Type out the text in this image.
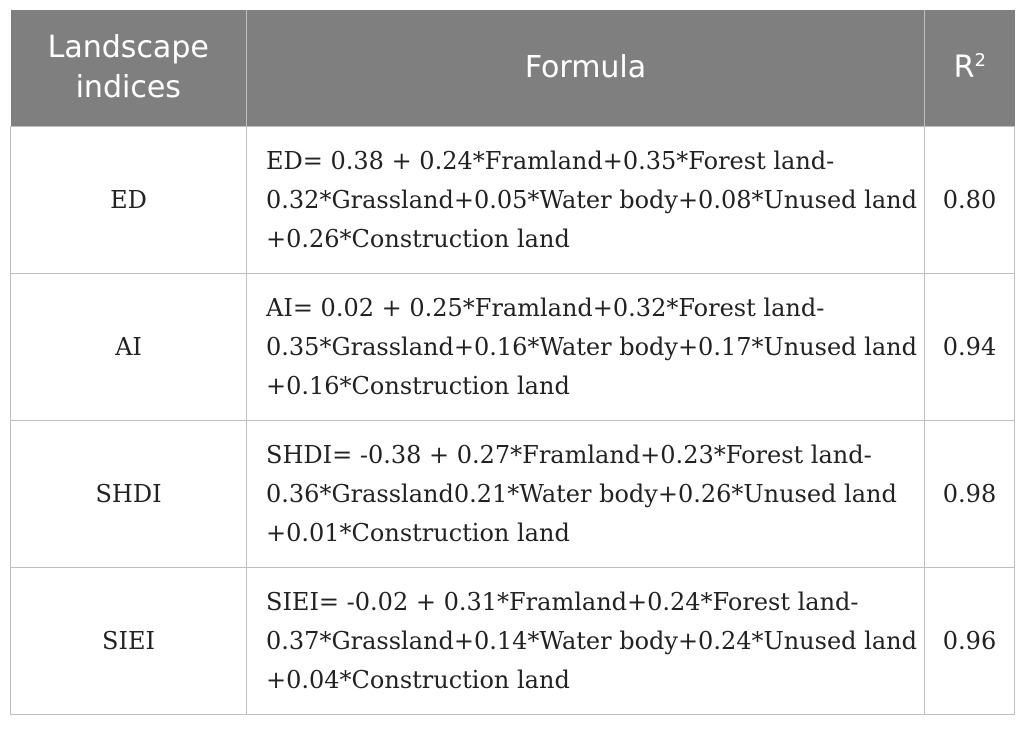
Landscape
indices	Formula	$R^2$
ED	ED= 0.38 + 0.24*Framland+0.35*Forest land-
0.32*Grassland+0.05*Water body+0.08*Unused land
+0.26*Construction land	0.80
AI	AI= 0.02 + 0.25*Framland+0.32*Forest land-
0.35*Grassland+0.16*Water body+0.17*Unused land
+0.16*Construction land	0.94
SHDI	SHDI= -0.38 + 0.27*Framland+0.23*Forest land-
0.36*Grassland0.21*Water body+0.26*Unused land
+0.01*Construction land	0.98
SIEI	SIEI= -0.02 + 0.31*Framland+0.24*Forest land-
0.37*Grassland+0.14*Water body+0.24*Unused land
+0.04*Construction land	0.96
